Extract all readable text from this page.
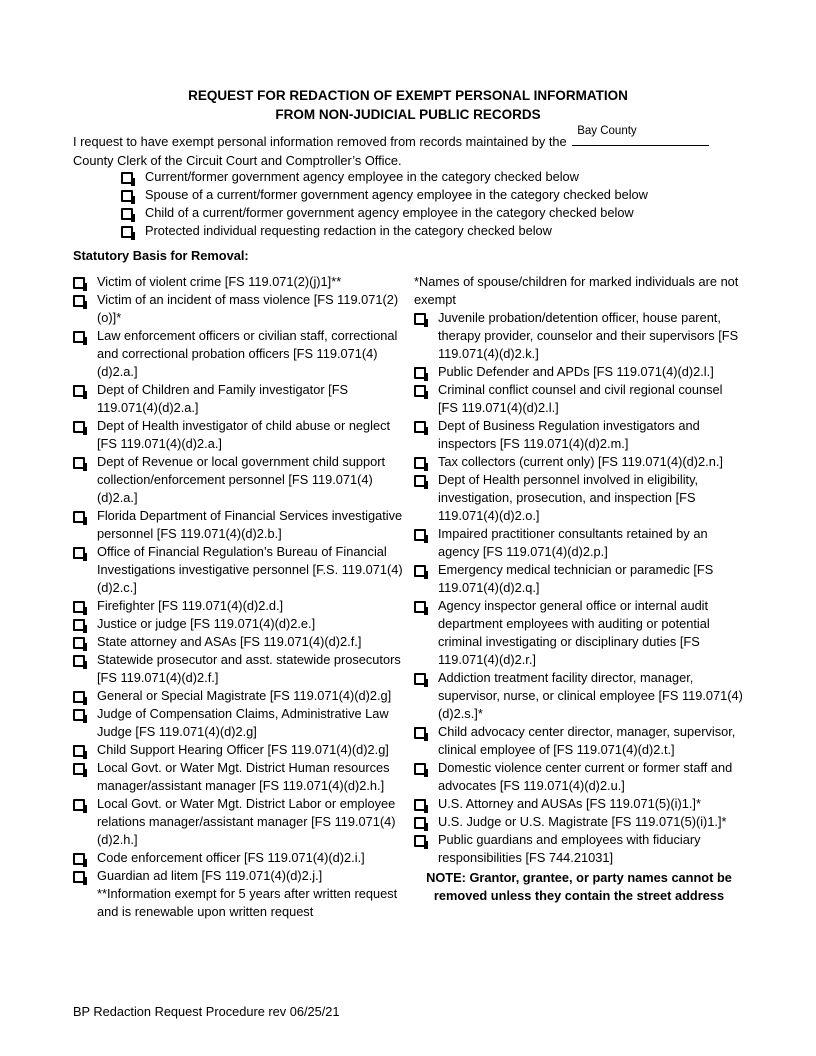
REQUEST FOR REDACTION OF EXEMPT PERSONAL INFORMATION
FROM NON-JUDICIAL PUBLIC RECORDS
I request to have exempt personal information removed from records maintained by the
Bay County

County Clerk of the Circuit Court and Comptroller’s Office.
Current/former government agency employee in the category checked below
Spouse of a current/former government agency employee in the category checked below
Child of a current/former government agency employee in the category checked below
Protected individual requesting redaction in the category checked below
Statutory Basis for Removal:
Victim of violent crime [FS 119.071(2)(j)1]**
Victim of an incident of mass violence [FS 119.071(2)(o)]*
Law enforcement officers or civilian staff, correctional and correctional probation officers [FS 119.071(4)(d)2.a.]
Dept of Children and Family investigator [FS 119.071(4)(d)2.a.]
Dept of Health investigator of child abuse or neglect [FS 119.071(4)(d)2.a.]
Dept of Revenue or local government child support collection/enforcement personnel [FS 119.071(4)(d)2.a.]
Florida Department of Financial Services investigative personnel [FS 119.071(4)(d)2.b.]
Office of Financial Regulation’s Bureau of Financial Investigations investigative personnel [F.S. 119.071(4)(d)2.c.]
Firefighter [FS 119.071(4)(d)2.d.]
Justice or judge [FS 119.071(4)(d)2.e.]
State attorney and ASAs [FS 119.071(4)(d)2.f.]
Statewide prosecutor and asst. statewide prosecutors [FS 119.071(4)(d)2.f.]
General or Special Magistrate [FS 119.071(4)(d)2.g]
Judge of Compensation Claims, Administrative Law Judge [FS 119.071(4)(d)2.g]
Child Support Hearing Officer [FS 119.071(4)(d)2.g]
Local Govt. or Water Mgt. District Human resources manager/assistant manager [FS 119.071(4)(d)2.h.]
Local Govt. or Water Mgt. District Labor or employee relations manager/assistant manager [FS 119.071(4)(d)2.h.]
Code enforcement officer [FS 119.071(4)(d)2.i.]
Guardian ad litem [FS 119.071(4)(d)2.j.]
**Information exempt for 5 years after written request and is renewable upon written request
*Names of spouse/children for marked individuals are not exempt
Juvenile probation/detention officer, house parent, therapy provider, counselor and their supervisors [FS 119.071(4)(d)2.k.]
Public Defender and APDs [FS 119.071(4)(d)2.l.]
Criminal conflict counsel and civil regional counsel [FS 119.071(4)(d)2.l.]
Dept of Business Regulation investigators and inspectors [FS 119.071(4)(d)2.m.]
Tax collectors (current only) [FS 119.071(4)(d)2.n.]
Dept of Health personnel involved in eligibility, investigation, prosecution, and inspection [FS 119.071(4)(d)2.o.]
Impaired practitioner consultants retained by an agency [FS 119.071(4)(d)2.p.]
Emergency medical technician or paramedic [FS 119.071(4)(d)2.q.]
Agency inspector general office or internal audit department employees with auditing or potential criminal investigating or disciplinary duties [FS 119.071(4)(d)2.r.]
Addiction treatment facility director, manager, supervisor, nurse, or clinical employee [FS 119.071(4)(d)2.s.]*
Child advocacy center director, manager, supervisor, clinical employee of [FS 119.071(4)(d)2.t.]
Domestic violence center current or former staff and advocates [FS 119.071(4)(d)2.u.]
U.S. Attorney and AUSAs [FS 119.071(5)(i)1.]*
U.S. Judge or U.S. Magistrate [FS 119.071(5)(i)1.]*
Public guardians and employees with fiduciary responsibilities [FS 744.21031]
NOTE: Grantor, grantee, or party names cannot be removed unless they contain the street address
BP Redaction Request Procedure rev 06/25/21
